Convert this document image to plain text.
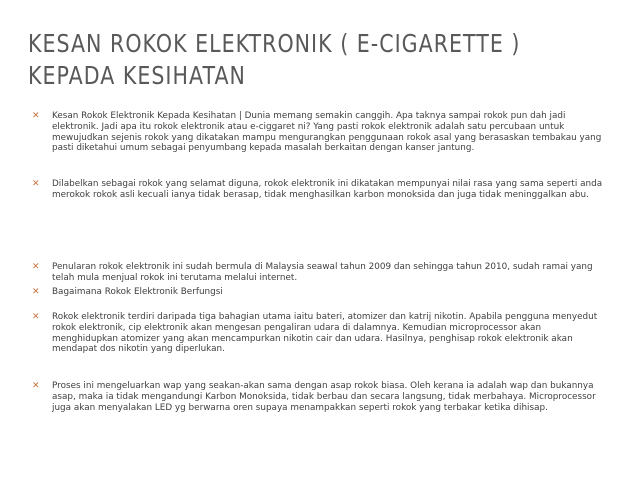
KESAN ROKOK ELEKTRONIK ( E-CIGARETTE )
KEPADA KESIHATAN
✕ Kesan Rokok Elektronik Kepada Kesihatan | Dunia memang semakin canggih. Apa taknya sampai rokok pun dah jadi elektronik. Jadi apa itu rokok elektronik atau e-ciggaret ni? Yang pasti rokok elektronik adalah satu percubaan untuk mewujudkan sejenis rokok yang dikatakan mampu mengurangkan penggunaan rokok asal yang berasaskan tembakau yang pasti diketahui umum sebagai penyumbang kepada masalah berkaitan dengan kanser jantung.
✕ Dilabelkan sebagai rokok yang selamat diguna, rokok elektronik ini dikatakan mempunyai nilai rasa yang sama seperti anda merokok rokok asli kecuali ianya tidak berasap, tidak menghasilkan karbon monoksida dan juga tidak meninggalkan abu.
✕ Penularan rokok elektronik ini sudah bermula di Malaysia seawal tahun 2009 dan sehingga tahun 2010, sudah ramai yang telah mula menjual rokok ini terutama melalui internet.
✕ Bagaimana Rokok Elektronik Berfungsi
✕ Rokok elektronik terdiri daripada tiga bahagian utama iaitu bateri, atomizer dan katrij nikotin. Apabila pengguna menyedut rokok elektronik, cip elektronik akan mengesan pengaliran udara di dalamnya. Kemudian microprocessor akan menghidupkan atomizer yang akan mencampurkan nikotin cair dan udara. Hasilnya, penghisap rokok elektronik akan mendapat dos nikotin yang diperlukan.
✕ Proses ini mengeluarkan wap yang seakan-akan sama dengan asap rokok biasa. Oleh kerana ia adalah wap dan bukannya asap, maka ia tidak mengandungi Karbon Monoksida, tidak berbau dan secara langsung, tidak merbahaya. Microprocessor juga akan menyalakan LED yg berwarna oren supaya menampakkan seperti rokok yang terbakar ketika dihisap.
